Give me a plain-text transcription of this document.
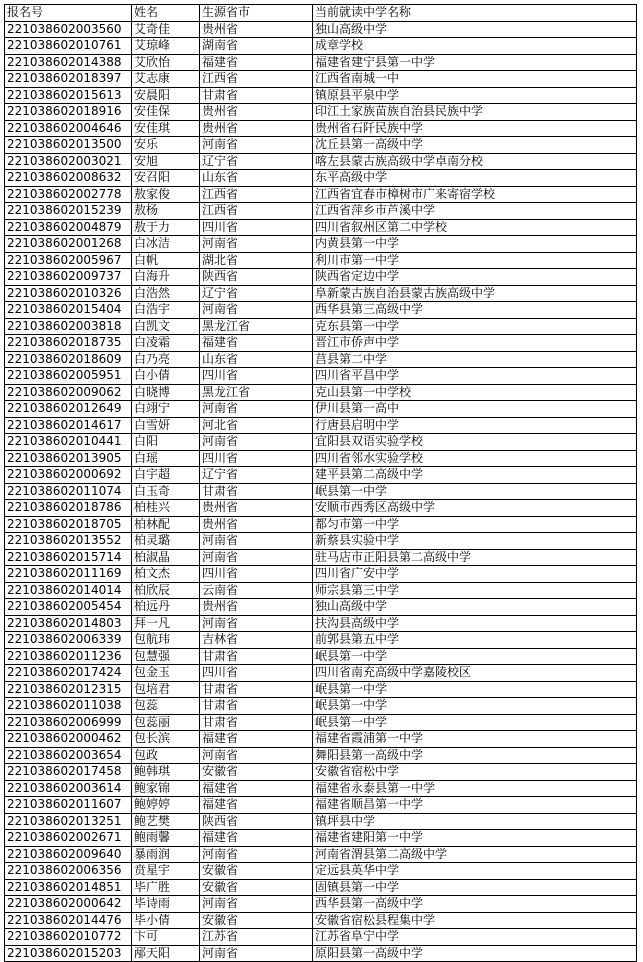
报名号	姓名	生源省市	当前就读中学名称
221038602003560	艾奇佳	贵州省	独山高级中学
221038602010761	艾琼峰	湖南省	成章学校
221038602014388	艾欣怡	福建省	福建省建宁县第一中学
221038602018397	艾志康	江西省	江西省南城一中
221038602015613	安晨阳	甘肃省	镇原县平泉中学
221038602018916	安佳保	贵州省	印江土家族苗族自治县民族中学
221038602004646	安佳琪	贵州省	贵州省石阡民族中学
221038602013500	安乐	河南省	沈丘县第一高级中学
221038602003021	安旭	辽宁省	喀左县蒙古族高级中学卓南分校
221038602008632	安召阳	山东省	东平高级中学
221038602002778	敖家俊	江西省	江西省宜春市樟树市广来寄宿学校
221038602015239	敖杨	江西省	江西省萍乡市芦溪中学
221038602004879	敖于力	四川省	四川省叙州区第二中学校
221038602001268	白冰洁	河南省	内黄县第一中学
221038602005967	白帆	湖北省	利川市第一中学
221038602009737	白海升	陕西省	陕西省定边中学
221038602010326	白浩然	辽宁省	阜新蒙古族自治县蒙古族高级中学
221038602015404	白浩宇	河南省	西华县第三高级中学
221038602003818	白凯文	黑龙江省	克东县第一中学
221038602018735	白凌霜	福建省	晋江市侨声中学
221038602018609	白乃亮	山东省	莒县第二中学
221038602005951	白小倩	四川省	四川省平昌中学
221038602009062	白晓博	黑龙江省	克山县第一中学校
221038602012649	白翊宁	河南省	伊川县第一高中
221038602014617	白雪妍	河北省	行唐县启明中学
221038602010441	白阳	河南省	宜阳县双语实验学校
221038602013905	白瑶	四川省	四川省邻水实验学校
221038602000692	白宇超	辽宁省	建平县第二高级中学
221038602011074	白玉奇	甘肃省	岷县第一中学
221038602018786	柏桂兴	贵州省	安顺市西秀区高级中学
221038602018705	柏林配	贵州省	都匀市第一中学
221038602013552	柏灵璐	河南省	新蔡县实验中学
221038602015714	柏淑晶	河南省	驻马店市正阳县第二高级中学
221038602011169	柏文杰	四川省	四川省广安中学
221038602014014	柏欣辰	云南省	师宗县第三中学
221038602005454	柏远丹	贵州省	独山高级中学
221038602014803	拜一凡	河南省	扶沟县高级中学
221038602006339	包航玮	吉林省	前郭县第五中学
221038602011236	包慧强	甘肃省	岷县第一中学
221038602017424	包金玉	四川省	四川省南充高级中学嘉陵校区
221038602012315	包培君	甘肃省	岷县第一中学
221038602011038	包蕊	甘肃省	岷县第一中学
221038602006999	包蕊丽	甘肃省	岷县第一中学
221038602000462	包长滨	福建省	福建省霞浦第一中学
221038602003654	包政	河南省	舞阳县第一高级中学
221038602017458	鲍韩琪	安徽省	安徽省宿松中学
221038602003614	鲍家锦	福建省	福建省永泰县第一中学
221038602011607	鲍婷婷	福建省	福建省顺昌第一中学
221038602013251	鲍艺樊	陕西省	镇坪县中学
221038602002671	鲍雨馨	福建省	福建省建阳第一中学
221038602009640	暴雨润	河南省	河南省渭县第二高级中学
221038602006356	贲星宇	安徽省	定远县英华中学
221038602014851	毕广胜	安徽省	固镇县第一中学
221038602000642	毕诗雨	河南省	西华县第一高级中学
221038602014476	毕小倩	安徽省	安徽省宿松县程集中学
221038602010772	卞可	江苏省	江苏省阜宁中学
221038602015203	邴天阳	河南省	原阳县第一高级中学
